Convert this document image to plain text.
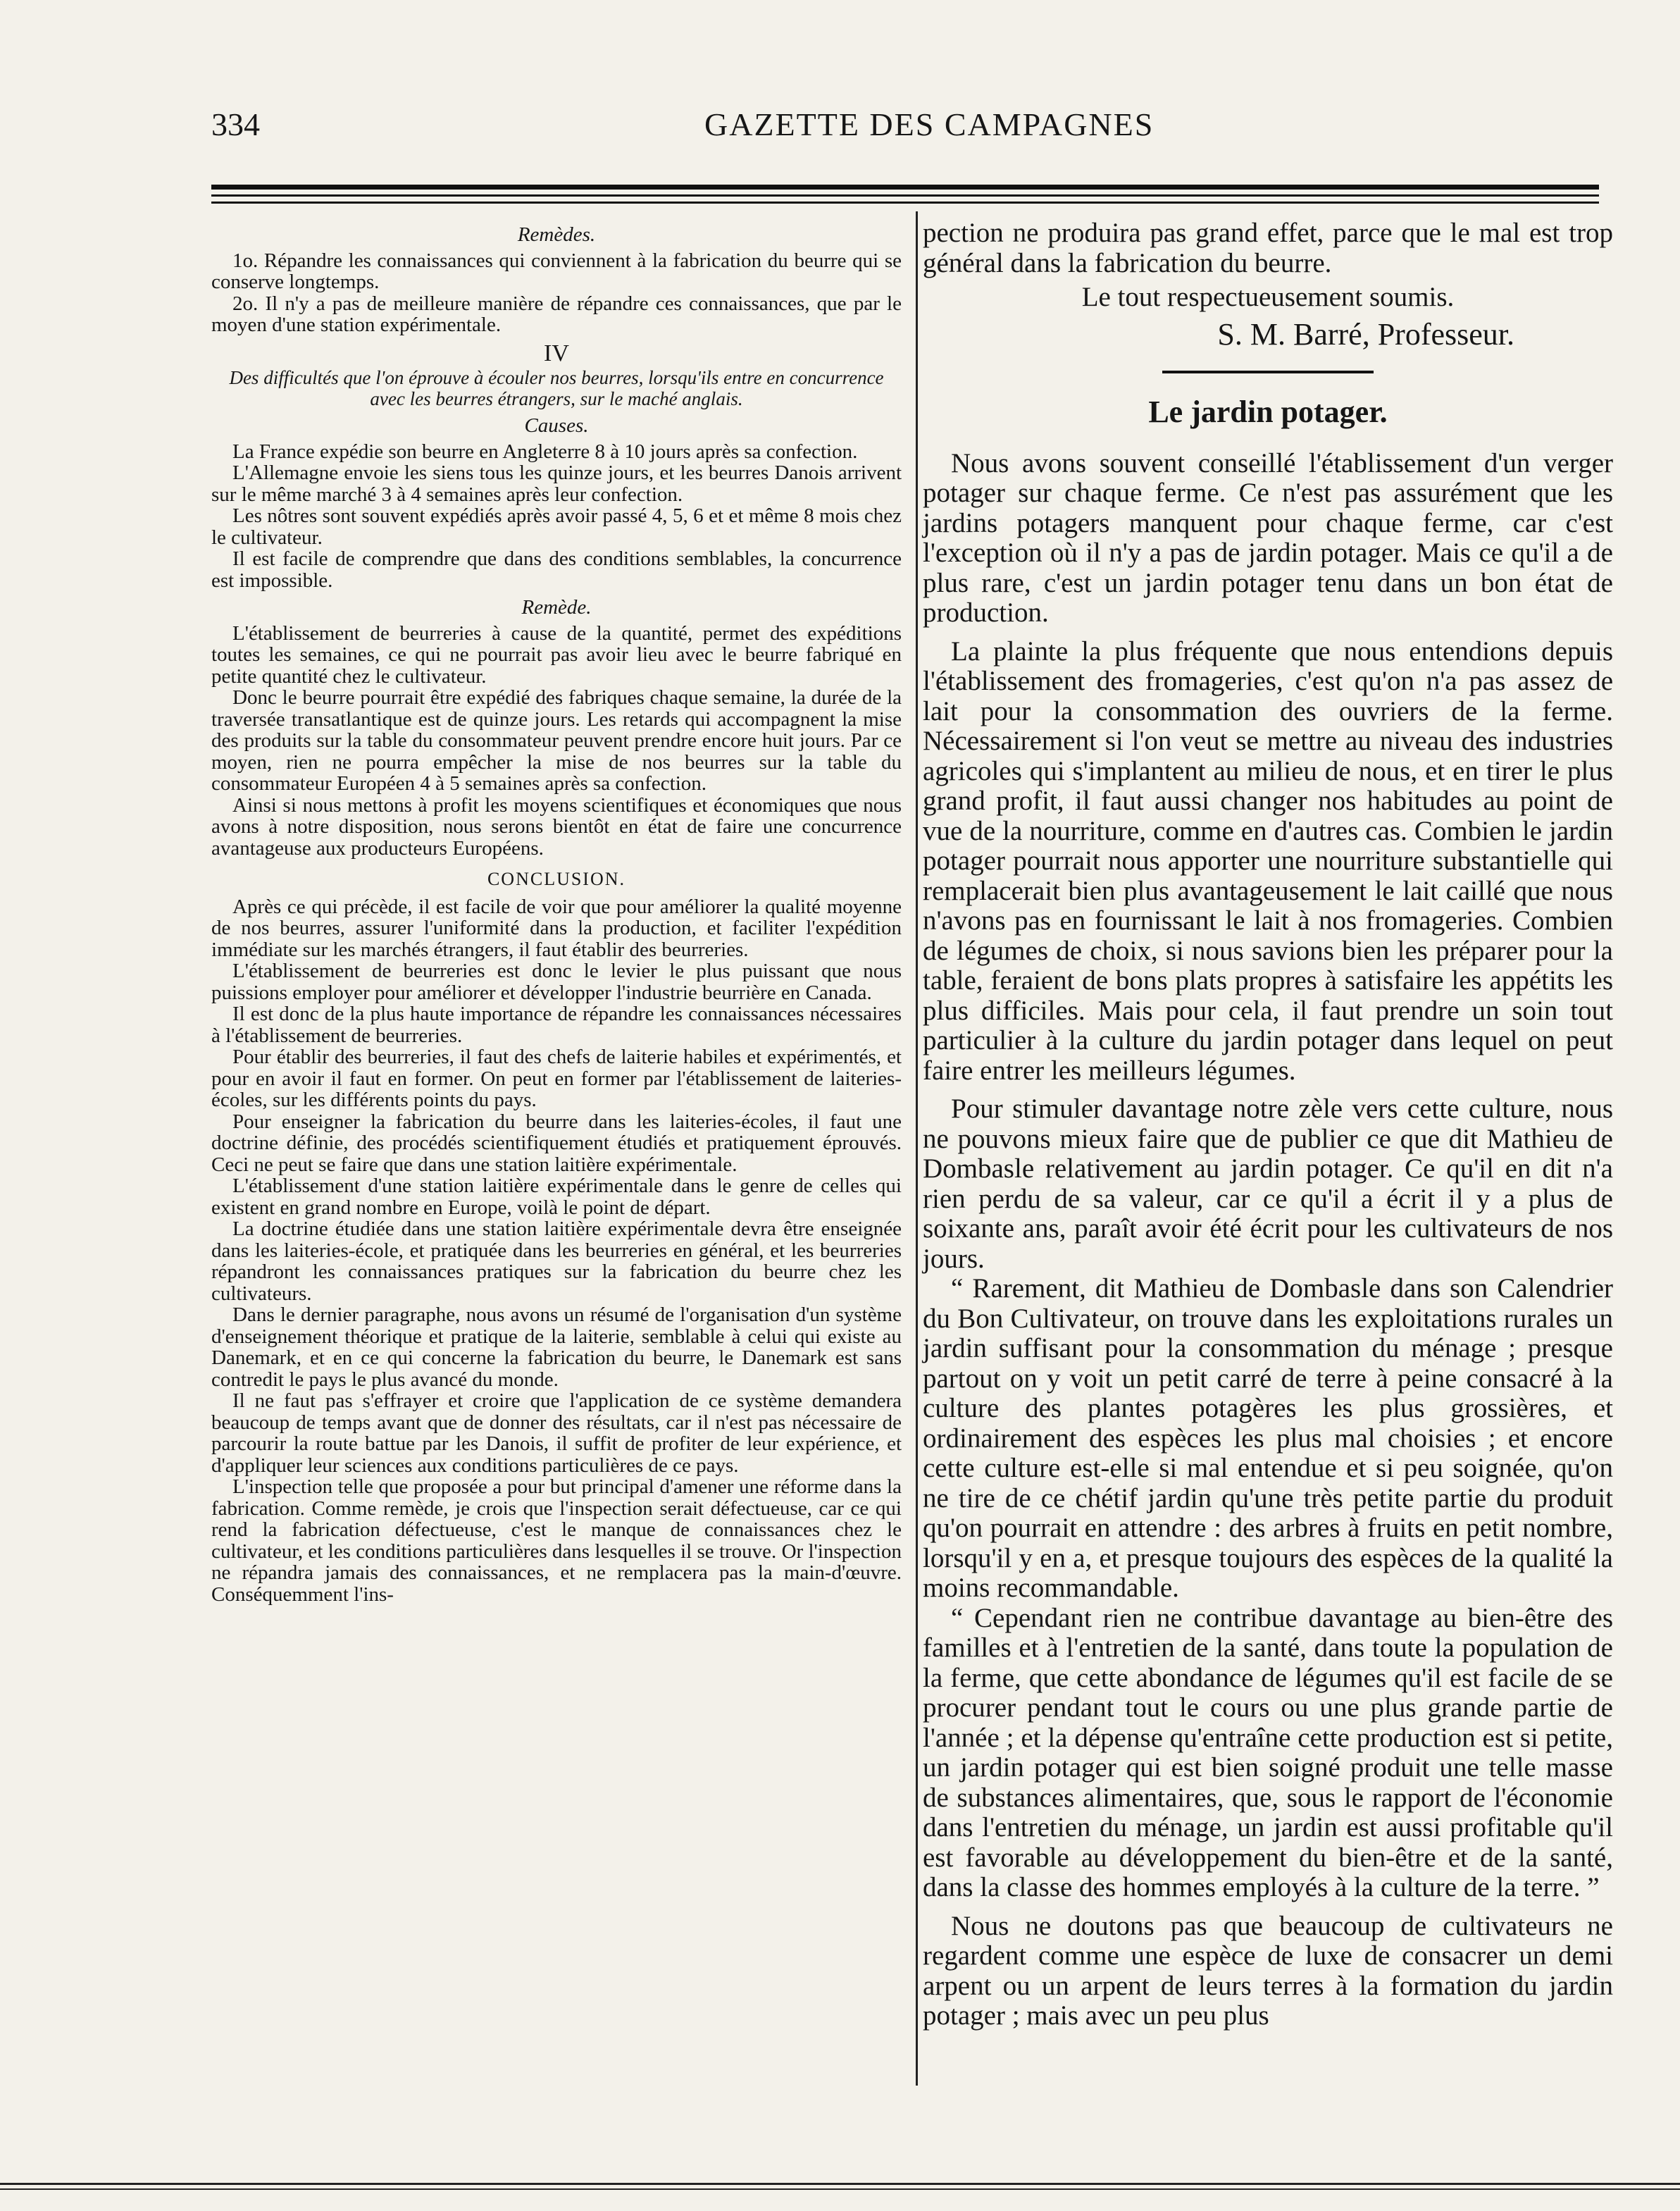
334	GAZETTE DES CAMPAGNES

Remèdes.

1o. Répandre les connaissances qui conviennent à la fabrication du beurre qui se conserve longtemps.

2o. Il n'y a pas de meilleure manière de répandre ces connaissances, que par le moyen d'une station expérimentale.

IV

Des difficultés que l'on éprouve à écouler nos beurres, lorsqu'ils entre en concurrence avec les beurres étrangers, sur le maché anglais.

Causes.

La France expédie son beurre en Angleterre 8 à 10 jours après sa confection.

L'Allemagne envoie les siens tous les quinze jours, et les beurres Danois arrivent sur le même marché 3 à 4 semaines après leur confection.

Les nôtres sont souvent expédiés après avoir passé 4, 5, 6 et et même 8 mois chez le cultivateur.

Il est facile de comprendre que dans des conditions semblables, la concurrence est impossible.

Remède.

L'établissement de beurreries à cause de la quantité, permet des expéditions toutes les semaines, ce qui ne pourrait pas avoir lieu avec le beurre fabriqué en petite quantité chez le cultivateur.

Donc le beurre pourrait être expédié des fabriques chaque semaine, la durée de la traversée transatlantique est de quinze jours. Les retards qui accompagnent la mise des produits sur la table du consommateur peuvent prendre encore huit jours. Par ce moyen, rien ne pourra empêcher la mise de nos beurres sur la table du consommateur Européen 4 à 5 semaines après sa confection.

Ainsi si nous mettons à profit les moyens scientifiques et économiques que nous avons à notre disposition, nous serons bientôt en état de faire une concurrence avantageuse aux producteurs Européens.

CONCLUSION.

Après ce qui précède, il est facile de voir que pour améliorer la qualité moyenne de nos beurres, assurer l'uniformité dans la production, et faciliter l'expédition immédiate sur les marchés étrangers, il faut établir des beurreries.

L'établissement de beurreries est donc le levier le plus puissant que nous puissions employer pour améliorer et développer l'industrie beurrière en Canada.

Il est donc de la plus haute importance de répandre les connaissances nécessaires à l'établissement de beurreries.

Pour établir des beurreries, il faut des chefs de laiterie habiles et expérimentés, et pour en avoir il faut en former. On peut en former par l'établissement de laiteries-écoles, sur les différents points du pays.

Pour enseigner la fabrication du beurre dans les laiteries-écoles, il faut une doctrine définie, des procédés scientifiquement étudiés et pratiquement éprouvés. Ceci ne peut se faire que dans une station laitière expérimentale.

L'établissement d'une station laitière expérimentale dans le genre de celles qui existent en grand nombre en Europe, voilà le point de départ.

La doctrine étudiée dans une station laitière expérimentale devra être enseignée dans les laiteries-école, et pratiquée dans les beurreries en général, et les beurreries répandront les connaissances pratiques sur la fabrication du beurre chez les cultivateurs.

Dans le dernier paragraphe, nous avons un résumé de l'organisation d'un système d'enseignement théorique et pratique de la laiterie, semblable à celui qui existe au Danemark, et en ce qui concerne la fabrication du beurre, le Danemark est sans contredit le pays le plus avancé du monde.

Il ne faut pas s'effrayer et croire que l'application de ce système demandera beaucoup de temps avant que de donner des résultats, car il n'est pas nécessaire de parcourir la route battue par les Danois, il suffit de profiter de leur expérience, et d'appliquer leur sciences aux conditions particulières de ce pays.

L'inspection telle que proposée a pour but principal d'amener une réforme dans la fabrication. Comme remède, je crois que l'inspection serait défectueuse, car ce qui rend la fabrication défectueuse, c'est le manque de connaissances chez le cultivateur, et les conditions particulières dans lesquelles il se trouve. Or l'inspection ne répandra jamais des connaissances, et ne remplacera pas la main-d'œuvre. Conséquemment l'ins-

pection ne produira pas grand effet, parce que le mal est trop général dans la fabrication du beurre.

Le tout respectueusement soumis.

S. M. Barré, Professeur.

Le jardin potager.

Nous avons souvent conseillé l'établissement d'un verger potager sur chaque ferme. Ce n'est pas assurément que les jardins potagers manquent pour chaque ferme, car c'est l'exception où il n'y a pas de jardin potager. Mais ce qu'il a de plus rare, c'est un jardin potager tenu dans un bon état de production.

La plainte la plus fréquente que nous entendions depuis l'établissement des fromageries, c'est qu'on n'a pas assez de lait pour la consommation des ouvriers de la ferme. Nécessairement si l'on veut se mettre au niveau des industries agricoles qui s'implantent au milieu de nous, et en tirer le plus grand profit, il faut aussi changer nos habitudes au point de vue de la nourriture, comme en d'autres cas. Combien le jardin potager pourrait nous apporter une nourriture substantielle qui remplacerait bien plus avantageusement le lait caillé que nous n'avons pas en fournissant le lait à nos fromageries. Combien de légumes de choix, si nous savions bien les préparer pour la table, feraient de bons plats propres à satisfaire les appétits les plus difficiles. Mais pour cela, il faut prendre un soin tout particulier à la culture du jardin potager dans lequel on peut faire entrer les meilleurs légumes.

Pour stimuler davantage notre zèle vers cette culture, nous ne pouvons mieux faire que de publier ce que dit Mathieu de Dombasle relativement au jardin potager. Ce qu'il en dit n'a rien perdu de sa valeur, car ce qu'il a écrit il y a plus de soixante ans, paraît avoir été écrit pour les cultivateurs de nos jours.

“ Rarement, dit Mathieu de Dombasle dans son Calendrier du Bon Cultivateur, on trouve dans les exploitations rurales un jardin suffisant pour la consommation du ménage ; presque partout on y voit un petit carré de terre à peine consacré à la culture des plantes potagères les plus grossières, et ordinairement des espèces les plus mal choisies ; et encore cette culture est-elle si mal entendue et si peu soignée, qu'on ne tire de ce chétif jardin qu'une très petite partie du produit qu'on pourrait en attendre : des arbres à fruits en petit nombre, lorsqu'il y en a, et presque toujours des espèces de la qualité la moins recommandable.

“ Cependant rien ne contribue davantage au bien-être des familles et à l'entretien de la santé, dans toute la population de la ferme, que cette abondance de légumes qu'il est facile de se procurer pendant tout le cours ou une plus grande partie de l'année ; et la dépense qu'entraîne cette production est si petite, un jardin potager qui est bien soigné produit une telle masse de substances alimentaires, que, sous le rapport de l'économie dans l'entretien du ménage, un jardin est aussi profitable qu'il est favorable au développement du bien-être et de la santé, dans la classe des hommes employés à la culture de la terre. ”

Nous ne doutons pas que beaucoup de cultivateurs ne regardent comme une espèce de luxe de consacrer un demi arpent ou un arpent de leurs terres à la formation du jardin potager ; mais avec un peu plus
